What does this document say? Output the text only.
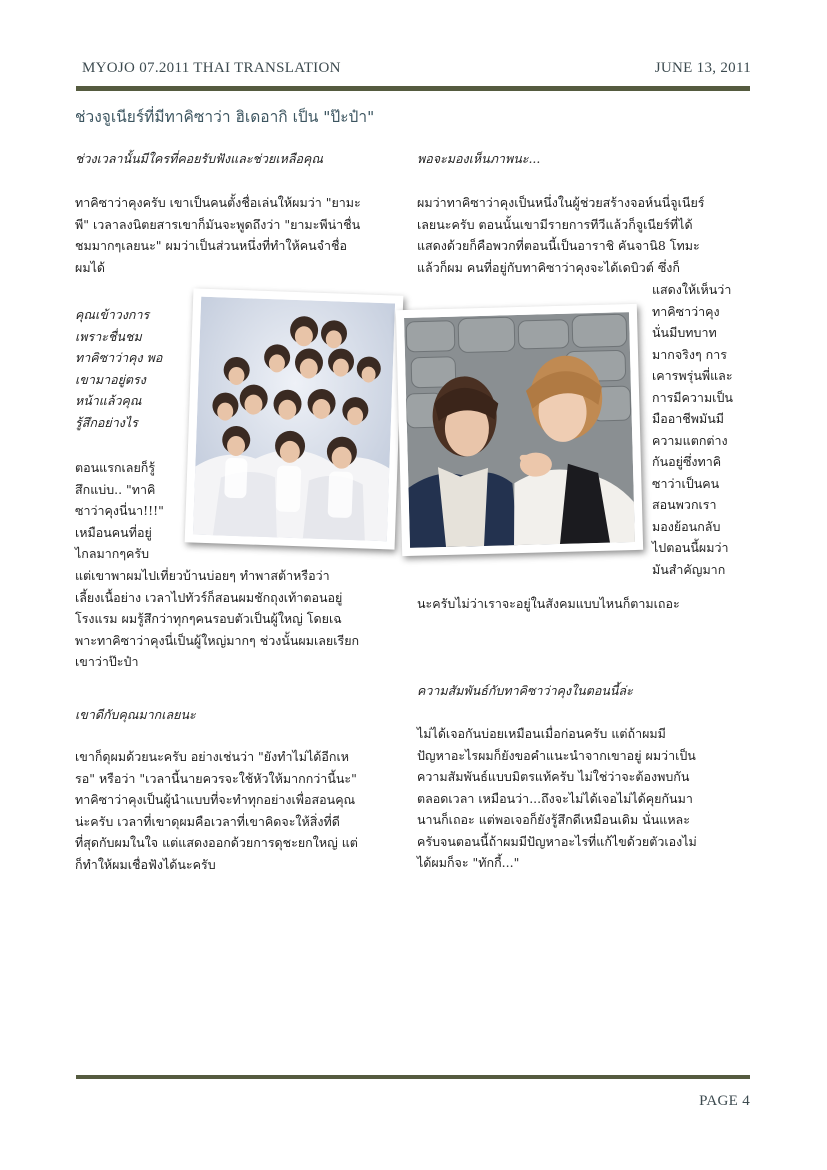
MYOJO 07.2011 THAI TRANSLATION	JUNE 13, 2011
ช่วงจูเนียร์ที่มีทาคิซาว่า ฮิเดอากิ เป็น "ป๊ะป๋า"
ช่วงเวลานั้นมีใครที่คอยรับฟังและช่วยเหลือคุณ
ทาคิซาว่าคุงครับ เขาเป็นคนตั้งชื่อเล่นให้ผมว่า "ยามะ
พี" เวลาลงนิตยสารเขาก็มันจะพูดถึงว่า "ยามะพีน่าชื่น
ชมมากๆเลยนะ" ผมว่าเป็นส่วนหนึ่งที่ทำให้คนจำชื่อ
ผมได้
คุณเข้าวงการ
เพราะชื่นชม
ทาคิซาว่าคุง พอ
เขามาอยู่ตรง
หน้าแล้วคุณ
รู้สึกอย่างไร
ตอนแรกเลยก็รู้
สึกแบ่บ.. "ทาคิ
ซาว่าคุงนี่นา!!!"
เหมือนคนที่อยู่
ไกลมากๆครับ
แต่เขาพาผมไปเที่ยวบ้านบ่อยๆ ทำพาสต้าหรือว่า
เลี้ยงเนื้อย่าง เวลาไปทัวร์ก็สอนผมชักถุงเท้าตอนอยู่
โรงแรม ผมรู้สึกว่าทุกๆคนรอบตัวเป็นผู้ใหญ่ โดยเฉ
พาะทาคิซาว่าคุงนี่เป็นผู้ใหญ่มากๆ ช่วงนั้นผมเลยเรียก
เขาว่าป๊ะป๋า
เขาดีกับคุณมากเลยนะ
เขาก็ดุผมด้วยนะครับ อย่างเช่นว่า "ยังทำไม่ได้อีกเห
รอ" หรือว่า "เวลานี้นายควรจะใช้หัวให้มากกว่านี้นะ"
ทาคิซาว่าคุงเป็นผู้นำแบบที่จะทำทุกอย่างเพื่อสอนคุณ
น่ะครับ เวลาที่เขาดุผมคือเวลาที่เขาคิดจะให้สิ่งที่ดี
ที่สุดกับผมในใจ แต่แสดงออกด้วยการดุชะยกใหญ่ แต่
ก็ทำให้ผมเชื่อฟังได้นะครับ
พอจะมองเห็นภาพนะ...
ผมว่าทาคิซาว่าคุงเป็นหนึ่งในผู้ช่วยสร้างจอห์นนี่จูเนียร์
เลยนะครับ ตอนนั้นเขามีรายการทีวีแล้วก็จูเนียร์ที่ได้
แสดงด้วยก็คือพวกที่ตอนนี้เป็นอาราชิ คันจานิ8 โทมะ
แล้วก็ผม คนที่อยู่กับทาคิซาว่าคุงจะได้เดบิวต์ ซึ่งก็
แสดงให้เห็นว่า
ทาคิซาว่าคุง
นั่นมีบทบาท
มากจริงๆ การ
เคารพรุ่นพี่และ
การมีความเป็น
มืออาชีพมันมี
ความแตกต่าง
กันอยู่ซึ่งทาคิ
ซาว่าเป็นคน
สอนพวกเรา
มองย้อนกลับ
ไปตอนนี้ผมว่า
มันสำคัญมาก
นะครับไม่ว่าเราจะอยู่ในสังคมแบบไหนก็ตามเถอะ
ความสัมพันธ์กับทาคิซาว่าคุงในตอนนี้ล่ะ
ไม่ได้เจอกันบ่อยเหมือนเมื่อก่อนครับ แต่ถ้าผมมี
ปัญหาอะไรผมก็ยังขอคำแนะนำจากเขาอยู่ ผมว่าเป็น
ความสัมพันธ์แบบมิตรแท้ครับ ไม่ใช่ว่าจะต้องพบกัน
ตลอดเวลา เหมือนว่า...ถึงจะไม่ได้เจอไม่ได้คุยกันมา
นานก็เถอะ แต่พอเจอก็ยังรู้สึกดีเหมือนเดิม นั่นแหละ
ครับจนตอนนี้ถ้าผมมีปัญหาอะไรที่แก้ไขด้วยตัวเองไม่
ได้ผมก็จะ "ทักกี้..."
PAGE 4
